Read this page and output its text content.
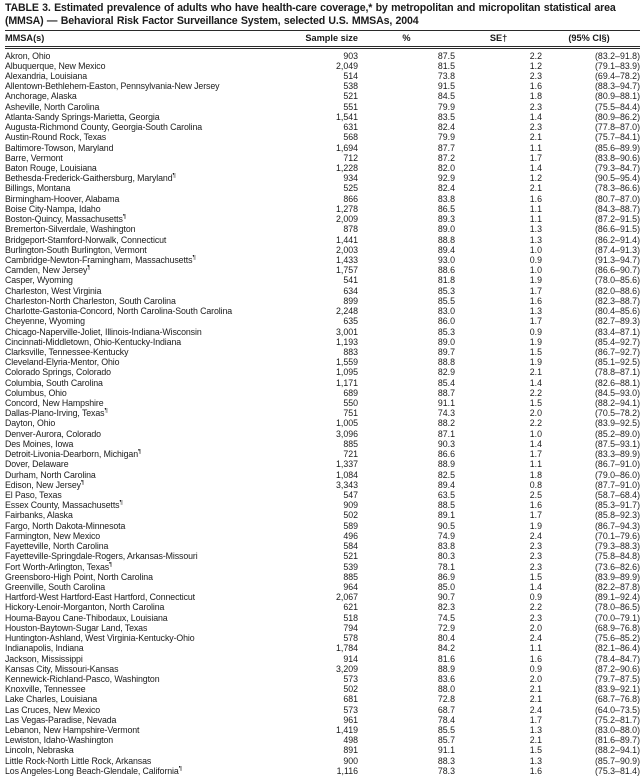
TABLE 3. Estimated prevalence of adults who have health-care coverage,* by metropolitan and micropolitan statistical area (MMSA) — Behavioral Risk Factor Surveillance System, selected U.S. MMSAs, 2004
MMSA(s)	Sample size	%	SE†	(95% CI§)
Akron, Ohio	903	87.5	2.2	(83.2–91.8)
Albuquerque, New Mexico	2,049	81.5	1.2	(79.1–83.9)
Alexandria, Louisiana	514	73.8	2.3	(69.4–78.2)
Allentown-Bethlehem-Easton, Pennsylvania-New Jersey	538	91.5	1.6	(88.3–94.7)
Anchorage, Alaska	521	84.5	1.8	(80.9–88.1)
Asheville, North Carolina	551	79.9	2.3	(75.5–84.4)
Atlanta-Sandy Springs-Marietta, Georgia	1,541	83.5	1.4	(80.9–86.2)
Augusta-Richmond County, Georgia-South Carolina	631	82.4	2.3	(77.8–87.0)
Austin-Round Rock, Texas	568	79.9	2.1	(75.7–84.1)
Baltimore-Towson, Maryland	1,694	87.7	1.1	(85.6–89.9)
Barre, Vermont	712	87.2	1.7	(83.8–90.6)
Baton Rouge, Louisiana	1,228	82.0	1.4	(79.3–84.7)
Bethesda-Frederick-Gaithersburg, Maryland¶	934	92.9	1.2	(90.5–95.4)
Billings, Montana	525	82.4	2.1	(78.3–86.6)
Birmingham-Hoover, Alabama	866	83.8	1.6	(80.7–87.0)
Boise City-Nampa, Idaho	1,278	86.5	1.1	(84.3–88.7)
Boston-Quincy, Massachusetts¶	2,009	89.3	1.1	(87.2–91.5)
Bremerton-Silverdale, Washington	878	89.0	1.3	(86.6–91.5)
Bridgeport-Stamford-Norwalk, Connecticut	1,441	88.8	1.3	(86.2–91.4)
Burlington-South Burlington, Vermont	2,003	89.4	1.0	(87.4–91.3)
Cambridge-Newton-Framingham, Massachusetts¶	1,433	93.0	0.9	(91.3–94.7)
Camden, New Jersey¶	1,757	88.6	1.0	(86.6–90.7)
Casper, Wyoming	541	81.8	1.9	(78.0–85.6)
Charleston, West Virginia	634	85.3	1.7	(82.0–88.6)
Charleston-North Charleston, South Carolina	899	85.5	1.6	(82.3–88.7)
Charlotte-Gastonia-Concord, North Carolina-South Carolina	2,248	83.0	1.3	(80.4–85.6)
Cheyenne, Wyoming	635	86.0	1.7	(82.7–89.3)
Chicago-Naperville-Joliet, Illinois-Indiana-Wisconsin	3,001	85.3	0.9	(83.4–87.1)
Cincinnati-Middletown, Ohio-Kentucky-Indiana	1,193	89.0	1.9	(85.4–92.7)
Clarksville, Tennessee-Kentucky	883	89.7	1.5	(86.7–92.7)
Cleveland-Elyria-Mentor, Ohio	1,559	88.8	1.9	(85.1–92.5)
Colorado Springs, Colorado	1,095	82.9	2.1	(78.8–87.1)
Columbia, South Carolina	1,171	85.4	1.4	(82.6–88.1)
Columbus, Ohio	689	88.7	2.2	(84.5–93.0)
Concord, New Hampshire	550	91.1	1.5	(88.2–94.1)
Dallas-Plano-Irving, Texas¶	751	74.3	2.0	(70.5–78.2)
Dayton, Ohio	1,005	88.2	2.2	(83.9–92.5)
Denver-Aurora, Colorado	3,096	87.1	1.0	(85.2–89.0)
Des Moines, Iowa	885	90.3	1.4	(87.5–93.1)
Detroit-Livonia-Dearborn, Michigan¶	721	86.6	1.7	(83.3–89.9)
Dover, Delaware	1,337	88.9	1.1	(86.7–91.0)
Durham, North Carolina	1,084	82.5	1.8	(79.0–86.0)
Edison, New Jersey¶	3,343	89.4	0.8	(87.7–91.0)
El Paso, Texas	547	63.5	2.5	(58.7–68.4)
Essex County, Massachusetts¶	909	88.5	1.6	(85.3–91.7)
Fairbanks, Alaska	502	89.1	1.7	(85.8–92.3)
Fargo, North Dakota-Minnesota	589	90.5	1.9	(86.7–94.3)
Farmington, New Mexico	496	74.9	2.4	(70.1–79.6)
Fayetteville, North Carolina	584	83.8	2.3	(79.3–88.3)
Fayetteville-Springdale-Rogers, Arkansas-Missouri	521	80.3	2.3	(75.8–84.8)
Fort Worth-Arlington, Texas¶	539	78.1	2.3	(73.6–82.6)
Greensboro-High Point, North Carolina	885	86.9	1.5	(83.9–89.9)
Greenville, South Carolina	964	85.0	1.4	(82.2–87.8)
Hartford-West Hartford-East Hartford, Connecticut	2,067	90.7	0.9	(89.1–92.4)
Hickory-Lenoir-Morganton, North Carolina	621	82.3	2.2	(78.0–86.5)
Houma-Bayou Cane-Thibodaux, Louisiana	518	74.5	2.3	(70.0–79.1)
Houston-Baytown-Sugar Land, Texas	794	72.9	2.0	(68.9–76.8)
Huntington-Ashland, West Virginia-Kentucky-Ohio	578	80.4	2.4	(75.6–85.2)
Indianapolis, Indiana	1,784	84.2	1.1	(82.1–86.4)
Jackson, Mississippi	914	81.6	1.6	(78.4–84.7)
Kansas City, Missouri-Kansas	3,209	88.9	0.9	(87.2–90.6)
Kennewick-Richland-Pasco, Washington	573	83.6	2.0	(79.7–87.5)
Knoxville, Tennessee	502	88.0	2.1	(83.9–92.1)
Lake Charles, Louisiana	681	72.8	2.1	(68.7–76.8)
Las Cruces, New Mexico	573	68.7	2.4	(64.0–73.5)
Las Vegas-Paradise, Nevada	961	78.4	1.7	(75.2–81.7)
Lebanon, New Hampshire-Vermont	1,419	85.5	1.3	(83.0–88.0)
Lewiston, Idaho-Washington	498	85.7	2.1	(81.6–89.7)
Lincoln, Nebraska	891	91.1	1.5	(88.2–94.1)
Little Rock-North Little Rock, Arkansas	900	88.3	1.3	(85.7–90.9)
Los Angeles-Long Beach-Glendale, California¶	1,116	78.3	1.6	(75.3–81.4)
